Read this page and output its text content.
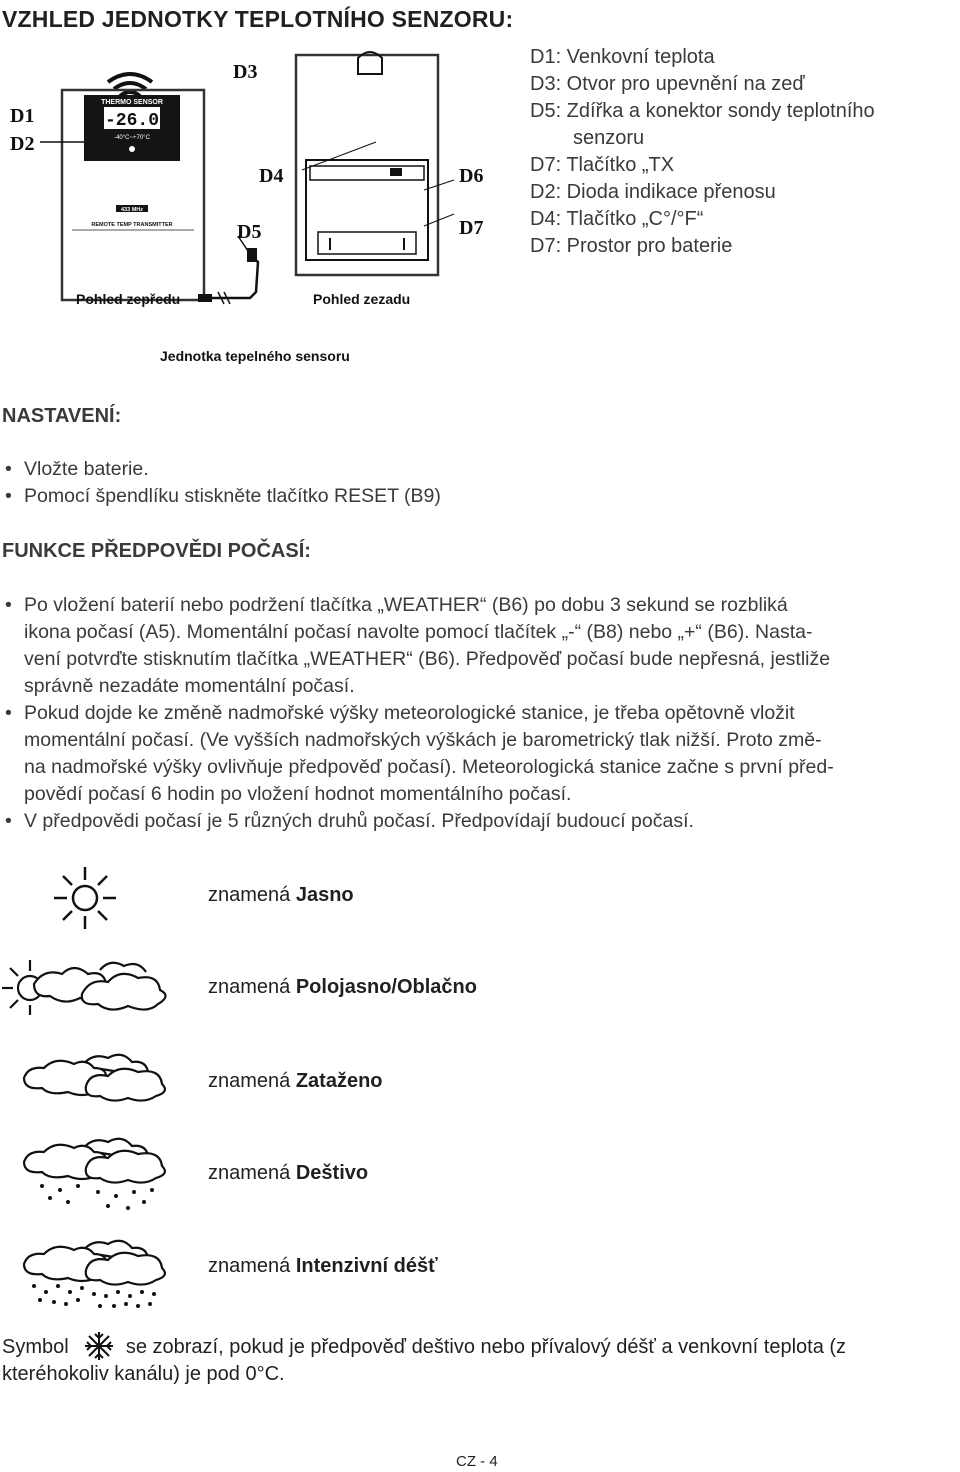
VZHLED JEDNOTKY TEPLOTNÍHO SENZORU:
THERMO SENSOR
-26.0
-40°C~+70°C
433 MHz
REMOTE TEMP TRANSMITTER
D1
D2
D3
D4
D5
D6
D7
Pohled zepředu	Pohled zezadu
Jednotka tepelného sensoru
D1: Venkovní teplota
D3: Otvor pro upevnění na zeď
D5: Zdířka a konektor sondy teplotního
senzoru
D7: Tlačítko „TX
D2: Dioda indikace přenosu
D4: Tlačítko „C°/°F“
D7: Prostor pro baterie
NASTAVENÍ:
• Vložte baterie.
• Pomocí špendlíku stiskněte tlačítko RESET (B9)
FUNKCE PŘEDPOVĚDI POČASÍ:
• Po vložení baterií nebo podržení tlačítka „WEATHER“ (B6) po dobu 3 sekund se rozbliká
ikona počasí (A5). Momentální počasí navolte pomocí tlačítek „-“ (B8) nebo „+“ (B6). Nasta-
vení potvrďte stisknutím tlačítka „WEATHER“ (B6). Předpověď počasí bude nepřesná, jestliže
správně nezadáte momentální počasí.
• Pokud dojde ke změně nadmořské výšky meteorologické stanice, je třeba opětovně vložit
momentální počasí. (Ve vyšších nadmořských výškách je barometrický tlak nižší. Proto změ-
na nadmořské výšky ovlivňuje předpověď počasí). Meteorologická stanice začne s první před-
povědí počasí 6 hodin po vložení hodnot momentálního počasí.
• V předpovědi počasí je 5 různých druhů počasí. Předpovídají budoucí počasí.
znamená Jasno
znamená Polojasno/Oblačno
znamená Zataženo
znamená Deštivo
znamená Intenzivní déšť
Symbol	se zobrazí, pokud je předpověď deštivo nebo přívalový déšť a venkovní teplota (z
kteréhokoliv kanálu) je pod 0°C.
CZ - 4
